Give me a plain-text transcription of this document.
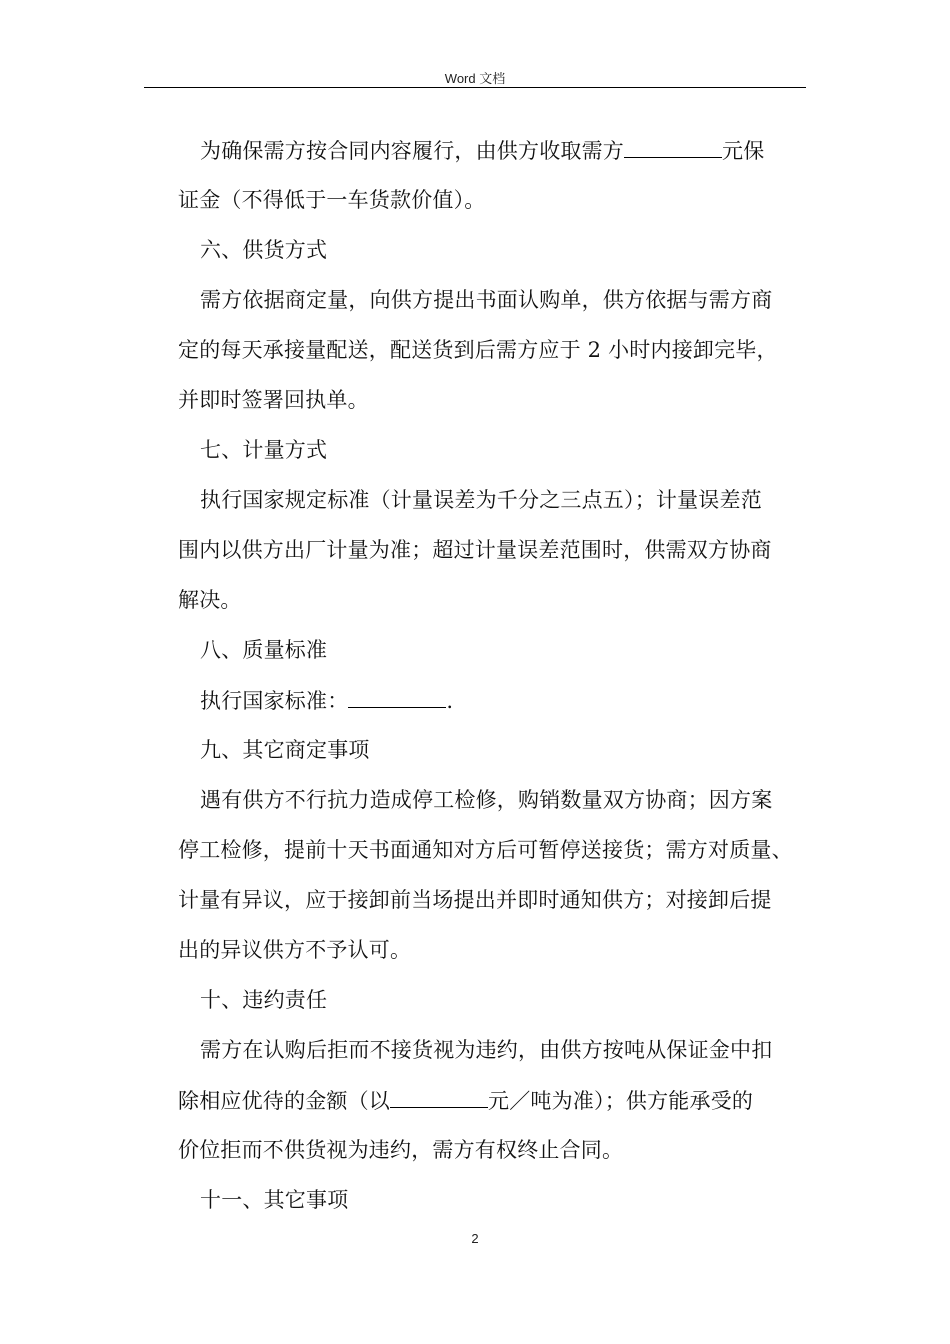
Word 文档
为确保需方按合同内容履行，由供方收取需方	元保
证金（不得低于一车货款价值）。
六、供货方式
需方依据商定量，向供方提出书面认购单，供方依据与需方商
定的每天承接量配送，配送货到后需方应于 2 小时内接卸完毕，
并即时签署回执单。
七、计量方式
执行国家规定标准（计量误差为千分之三点五）；计量误差范
围内以供方出厂计量为准；超过计量误差范围时，供需双方协商
解决。
八、质量标准
执行国家标准：	.
九、其它商定事项
遇有供方不行抗力造成停工检修，购销数量双方协商；因方案
停工检修，提前十天书面通知对方后可暂停送接货；需方对质量、
计量有异议，应于接卸前当场提出并即时通知供方；对接卸后提
出的异议供方不予认可。
十、违约责任
需方在认购后拒而不接货视为违约，由供方按吨从保证金中扣
除相应优待的金额（以	元／吨为准）；供方能承受的
价位拒而不供货视为违约，需方有权终止合同。
十一、其它事项
2
